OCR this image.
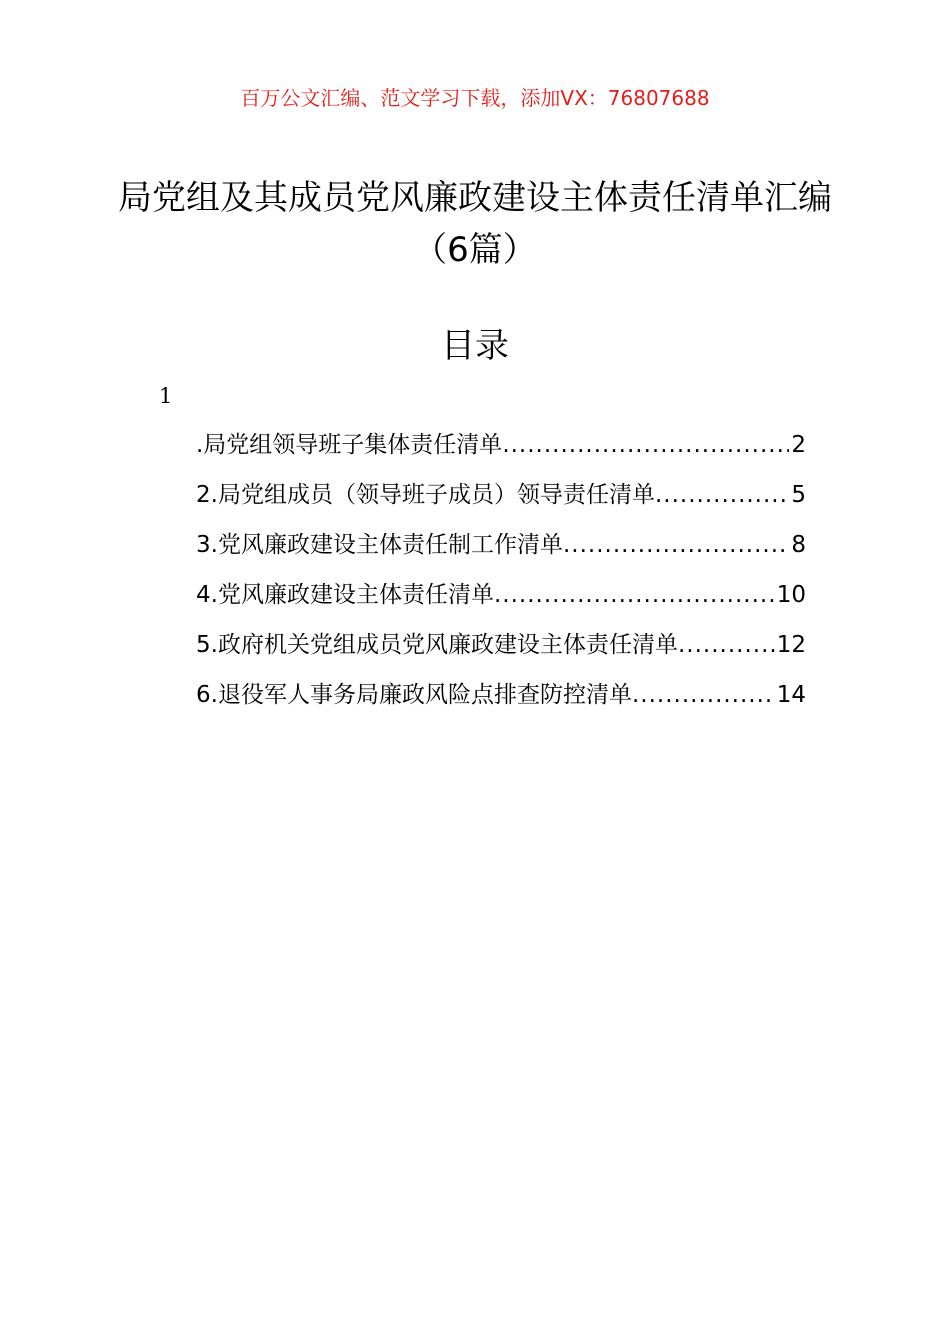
百万公文汇编、范文学习下载，添加VX：76807688
局党组及其成员党风廉政建设主体责任清单汇编（6篇）
目录
1
.局党组领导班子集体责任清单 .....	2
2.局党组成员（领导班子成员）领导责任清单 .....	5
3.党风廉政建设主体责任制工作清单 .....	8
4.党风廉政建设主体责任清单 .....	10
5.政府机关党组成员党风廉政建设主体责任清单 .....	12
6.退役军人事务局廉政风险点排查防控清单 .....	14
